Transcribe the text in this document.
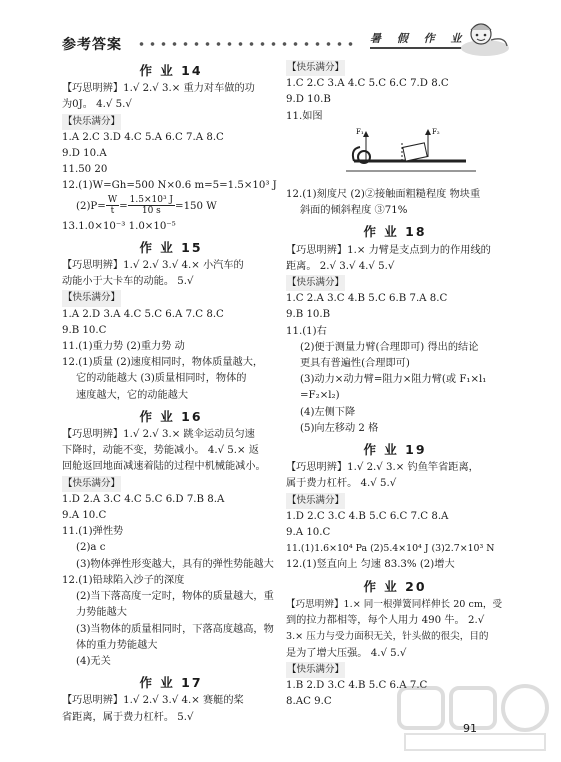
参考答案	暑 假 作 业
作 业 14
【巧思明辨】1.√ 2.√ 3.× 重力对车做的功
为0J。 4.√ 5.√
【快乐满分】
1.A 2.C 3.D 4.C 5.A 6.C 7.A 8.C
9.D 10.A
11.50 20
12.(1)W=Gh=500 N×0.6 m=5=1.5×10³ J
$(2)P= \frac{W}{t} = \frac{\text{1.5×10³ J}}{10 s} =150$ W
13.1.0×10⁻³ 1.0×10⁻⁵
作 业 15
【巧思明辨】1.√ 2.√ 3.√ 4.× 小汽车的
动能小于大卡车的动能。 5.√
【快乐满分】
1.A 2.D 3.A 4.C 5.C 6.A 7.C 8.C
9.B 10.C
11.(1)重力势 (2)重力势 动
12.(1)质量 (2)速度相同时，物体质量越大，
它的动能越大 (3)质量相同时，物体的
速度越大，它的动能越大
作 业 16
【巧思明辨】1.√ 2.√ 3.× 跳伞运动员匀速
下降时，动能不变，势能减小。 4.√ 5.× 返
回舱返回地面减速着陆的过程中机械能减小。
【快乐满分】
1.D 2.A 3.C 4.C 5.C 6.D 7.B 8.A
9.A 10.C
11.(1)弹性势
(2)a c
(3)物体弹性形变越大，具有的弹性势能越大
12.(1)铅球陷入沙子的深度
(2)当下落高度一定时，物体的质量越大，重
力势能越大
(3)当物体的质量相同时，下落高度越高，物
体的重力势能越大
(4)无关
作 业 17
【巧思明辨】1.√ 2.√ 3.√ 4.× 赛艇的桨
省距离，属于费力杠杆。 5.√
【快乐满分】
1.C 2.C 3.A 4.C 5.C 6.C 7.D 8.C
9.D 10.B
11.如图
F₁	F₂
12.(1)刻度尺 (2)②接触面粗糙程度 物块重
斜面的倾斜程度 ③71%
作 业 18
【巧思明辨】1.× 力臂是支点到力的作用线的
距离。 2.√ 3.√ 4.√ 5.√
【快乐满分】
1.C 2.A 3.C 4.B 5.C 6.B 7.A 8.C
9.B 10.B
11.(1)右
(2)便于测量力臂(合理即可) 得出的结论
更具有普遍性(合理即可)
(3)动力×动力臂=阻力×阻力臂(或 F₁×l₁
=F₂×l₂)
(4)左侧下降
(5)向左移动 2 格
作 业 19
【巧思明辨】1.√ 2.√ 3.× 钓鱼竿省距离，
属于费力杠杆。 4.√ 5.√
【快乐满分】
1.D 2.C 3.C 4.B 5.C 6.C 7.C 8.A
9.A 10.C
11.(1)1.6×10⁴ Pa (2)5.4×10⁴ J (3)2.7×10³ N
12.(1)竖直向上 匀速 83.3% (2)增大
作 业 20
【巧思明辨】1.× 同一根弹簧同样伸长 20 cm，受
到的拉力都相等，每个人用力 490 牛。 2.√
3.× 压力与受力面积无关，针头做的很尖，目的
是为了增大压强。 4.√ 5.√
【快乐满分】
1.B 2.D 3.C 4.B 5.C 6.A 7.C
8.AC 9.C
91
